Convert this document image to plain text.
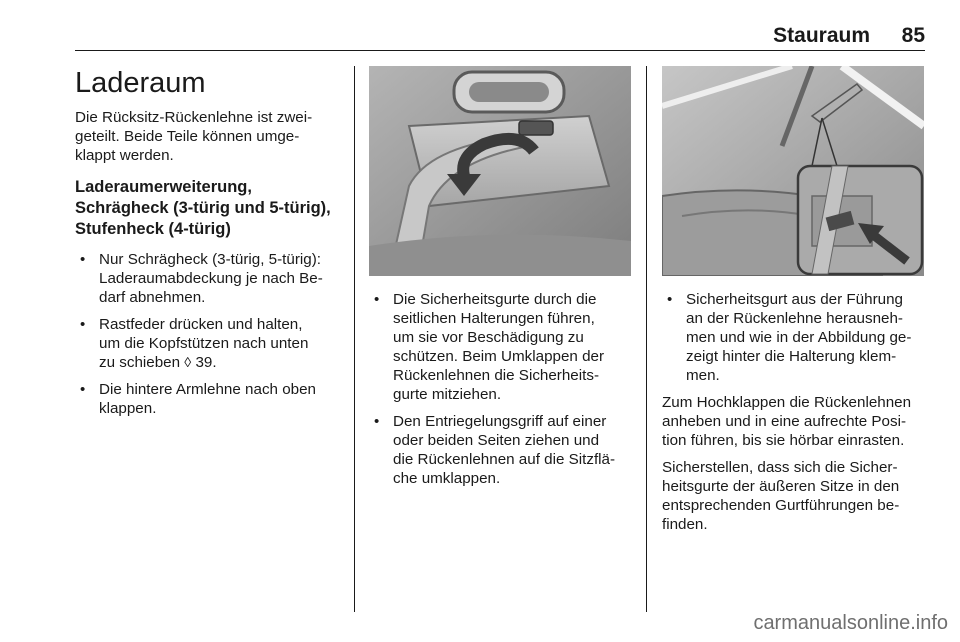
Stauraum	85
Laderaum

Die Rücksitz-Rückenlehne ist zwei-
geteilt. Beide Teile können umge-
klappt werden.

Laderaumerweiterung,
Schrägheck (3-türig und 5-türig),
Stufenheck (4-türig)
• Nur Schrägheck (3-türig, 5-türig):
Laderaumabdeckung je nach Be-
darf abnehmen.
• Rastfeder drücken und halten,
um die Kopfstützen nach unten
zu schieben ◊ 39.
• Die hintere Armlehne nach oben
klappen.
• Die Sicherheitsgurte durch die
seitlichen Halterungen führen,
um sie vor Beschädigung zu
schützen. Beim Umklappen der
Rückenlehnen die Sicherheits-
gurte mitziehen.
• Den Entriegelungsgriff auf einer
oder beiden Seiten ziehen und
die Rückenlehnen auf die Sitzflä-
che umklappen.
• Sicherheitsgurt aus der Führung
an der Rückenlehne herausneh-
men und wie in der Abbildung ge-
zeigt hinter die Halterung klem-
men.

Zum Hochklappen die Rückenlehnen
anheben und in eine aufrechte Posi-
tion führen, bis sie hörbar einrasten.

Sicherstellen, dass sich die Sicher-
heitsgurte der äußeren Sitze in den
entsprechenden Gurtführungen be-
finden.

carmanualsonline.info
